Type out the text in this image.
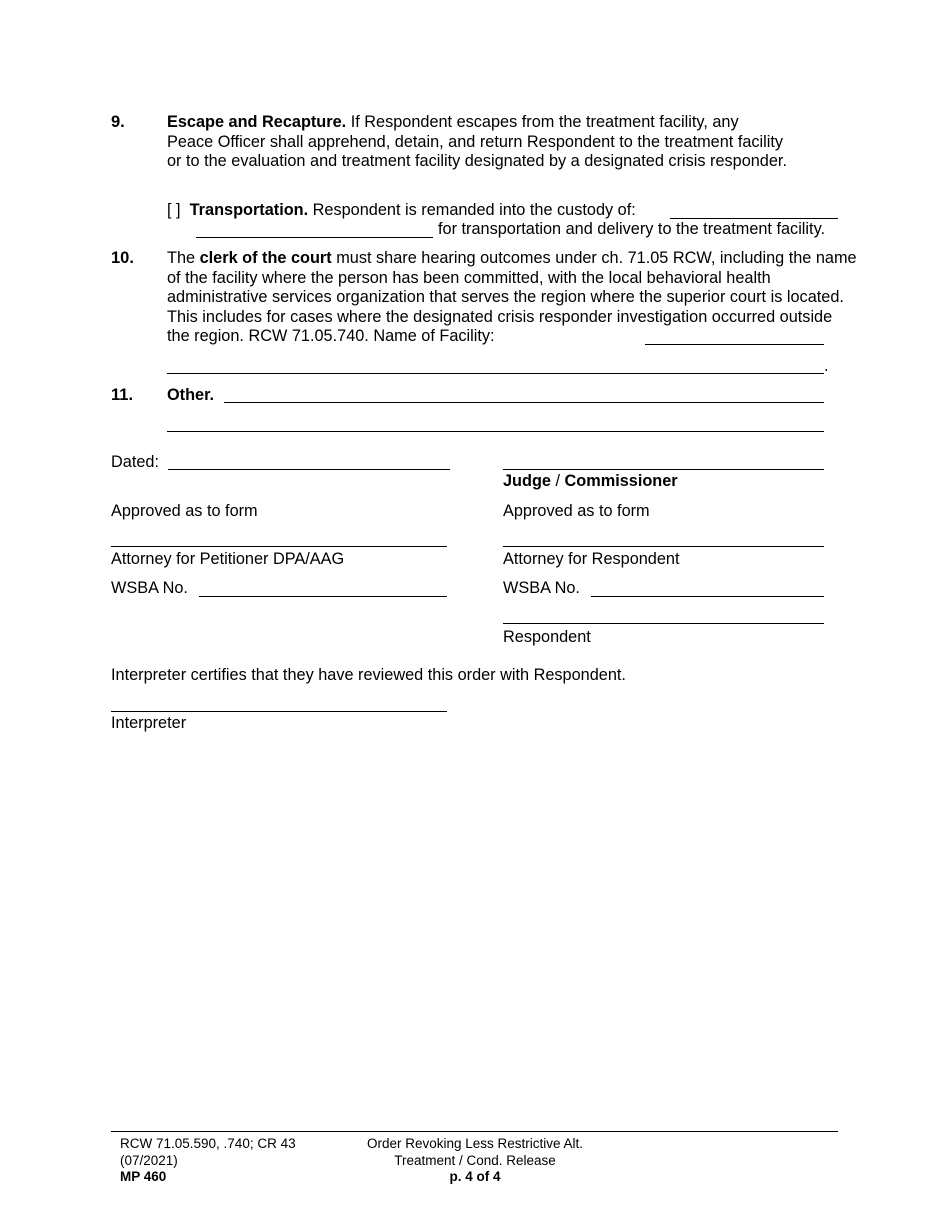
9.	Escape and Recapture. If Respondent escapes from the treatment facility, any Peace Officer shall apprehend, detain, and return Respondent to the treatment facility or to the evaluation and treatment facility designated by a designated crisis responder.
[ ] Transportation. Respondent is remanded into the custody of:
for transportation and delivery to the treatment facility.
10. The clerk of the court must share hearing outcomes under ch. 71.05 RCW, including the name of the facility where the person has been committed, with the local behavioral health administrative services organization that serves the region where the superior court is located. This includes for cases where the designated crisis responder investigation occurred outside the region. RCW 71.05.740. Name of Facility:
.
11. Other.
Dated:
Judge / Commissioner
Approved as to form	Approved as to form
Attorney for Petitioner DPA/AAG	Attorney for Respondent
WSBA No.	WSBA No.
Respondent
Interpreter certifies that they have reviewed this order with Respondent.
Interpreter
RCW 71.05.590, .740; CR 43
(07/2021)
MP 460
Order Revoking Less Restrictive Alt.
Treatment / Cond. Release
p. 4 of 4
